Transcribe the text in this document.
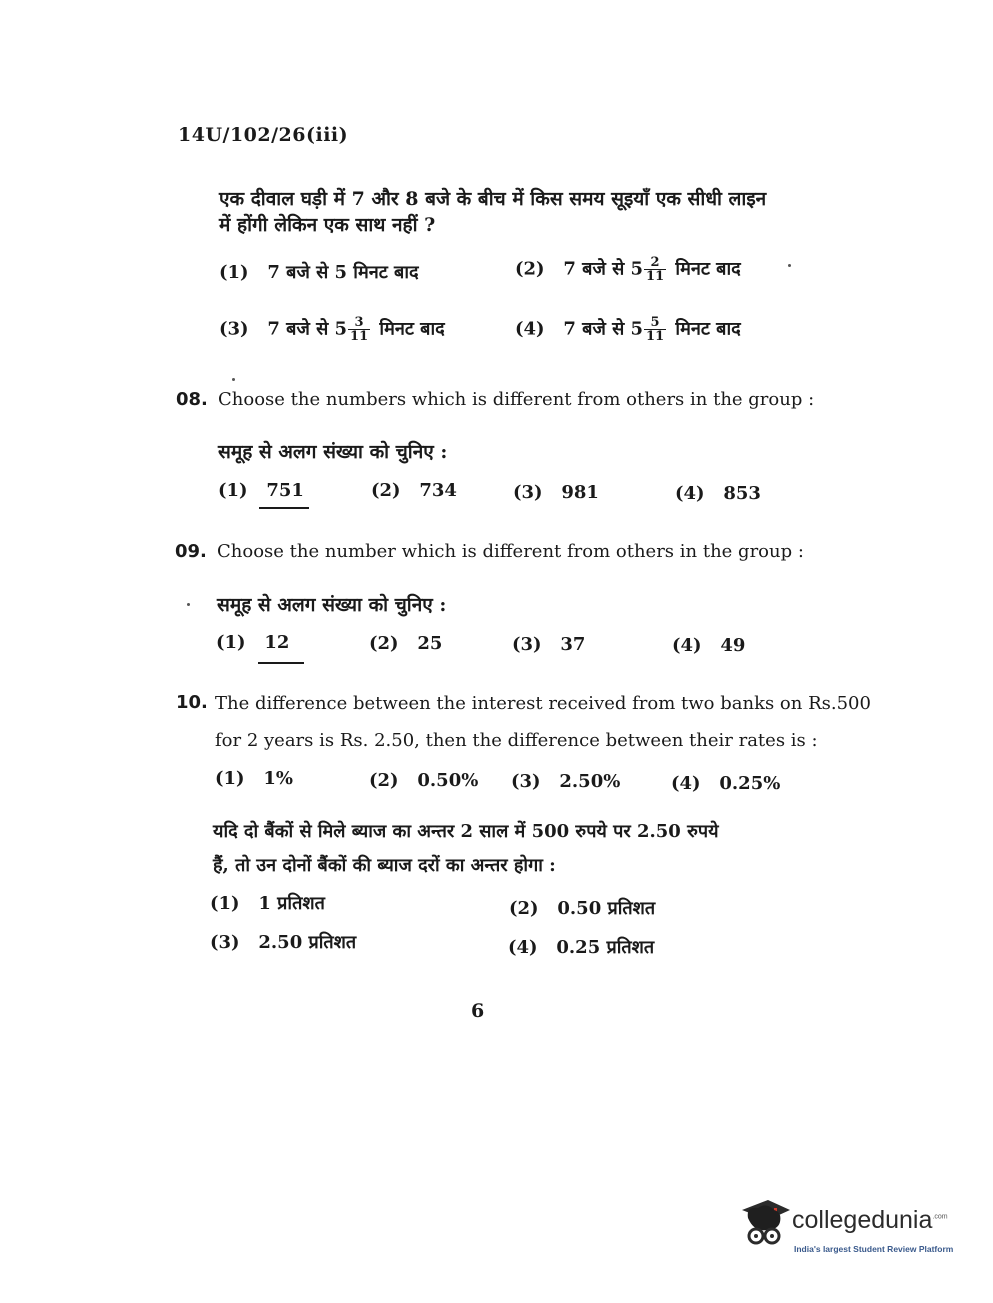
14U/102/26(iii)
एक दीवाल घड़ी में 7 और 8 बजे के बीच में किस समय सूइयाँ एक सीधी लाइन
में होंगी लेकिन एक साथ नहीं ?
(1) 7 बजे से 5 मिनट बाद	(2) 7 बजे से $5 \frac{2}{11}$ मिनट बाद
(3) 7 बजे से $5 \frac{3}{11}$ मिनट बाद	(4) 7 बजे से $5 \frac{5}{11}$ मिनट बाद
08. Choose the numbers which is different from others in the group :
समूह से अलग संख्या को चुनिए :
(1) 751	(2) 734	(3) 981	(4) 853
09. Choose the number which is different from others in the group :
समूह से अलग संख्या को चुनिए :
(1) 12	(2) 25	(3) 37	(4) 49
10. The difference between the interest received from two banks on Rs.500
for 2 years is Rs. 2.50, then the difference between their rates is :
(1) 1%	(2) 0.50% (3) 2.50%	(4) 0.25%
यदि दो बैंकों से मिले ब्याज का अन्तर 2 साल में 500 रुपये पर 2.50 रुपये
हैं, तो उन दोनों बैंकों की ब्याज दरों का अन्तर होगा :
(1) 1 प्रतिशत	(2) 0.50 प्रतिशत
(3) 2.50 प्रतिशत	(4) 0.25 प्रतिशत
6
collegedunia$^{.com}$
India's largest Student Review Platform
